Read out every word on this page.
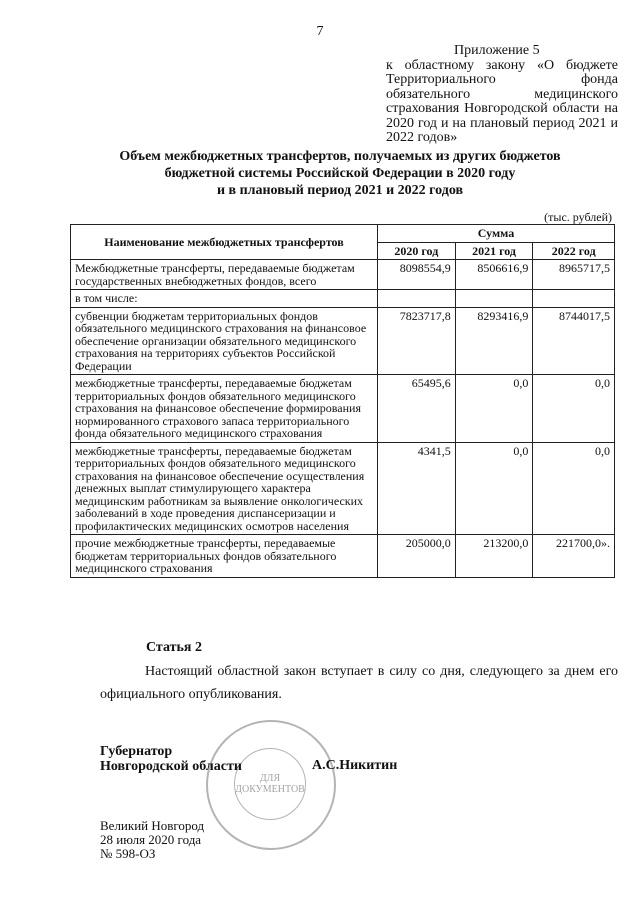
7
Приложение 5
к областному закону «О бюджете Территориального фонда обязательного медицинского страхования Новгородской области на 2020 год и на плановый период 2021 и 2022 годов»
Объем межбюджетных трансфертов, получаемых из других бюджетов
бюджетной системы Российской Федерации в 2020 году
и в плановый период 2021 и 2022 годов
(тыс. рублей)
Наименование межбюджетных трансфертов	Сумма		
	2020 год	2021 год	2022 год
Межбюджетные трансферты, передаваемые бюджетам государственных внебюджетных фондов, всего	8098554,9	8506616,9	8965717,5
в том числе:			
субвенции бюджетам территориальных фондов обязательного медицинского страхования на финансовое обеспечение организации обязательного медицинского страхования на территориях субъектов Российской Федерации	7823717,8	8293416,9	8744017,5
межбюджетные трансферты, передаваемые бюджетам территориальных фондов обязательного медицинского страхования на финансовое обеспечение формирования нормированного страхового запаса территориального фонда обязательного медицинского страхования	65495,6	0,0	0,0
межбюджетные трансферты, передаваемые бюджетам территориальных фондов обязательного медицинского страхования на финансовое обеспечение осуществления денежных выплат стимулирующего характера медицинским работникам за выявление онкологических заболеваний в ходе проведения диспансеризации и профилактических медицинских осмотров населения	4341,5	0,0	0,0
прочие межбюджетные трансферты, передаваемые бюджетам территориальных фондов обязательного медицинского страхования	205000,0	213200,0	221700,0».
Статья 2
Настоящий областной закон вступает в силу со дня, следующего за днем его официального опубликования.
ДЛЯ
ДОКУМЕНТОВ
Губернатор
Новгородской области	А.С.Никитин
Великий Новгород
28 июля 2020 года
№ 598-ОЗ
